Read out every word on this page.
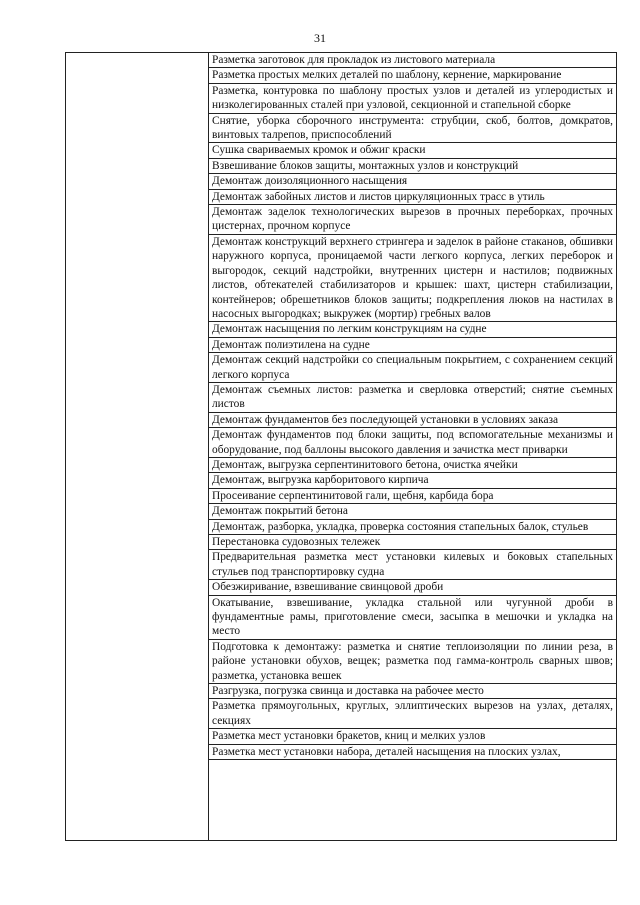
31
Разметка заготовок для прокладок из листового материала
Разметка простых мелких деталей по шаблону, кернение, маркирование
Разметка, контуровка по шаблону простых узлов и деталей из углеродистых и низколегированных сталей при узловой, секционной и стапельной сборке
Снятие, уборка сборочного инструмента: струбции, скоб, болтов, домкратов, винтовых талрепов, приспособлений
Сушка свариваемых кромок и обжиг краски
Взвешивание блоков защиты, монтажных узлов и конструкций
Демонтаж доизоляционного насыщения
Демонтаж забойных листов и листов циркуляционных трасс в утиль
Демонтаж заделок технологических вырезов в прочных переборках, прочных цистернах, прочном корпусе
Демонтаж конструкций верхнего стрингера и заделок в районе стаканов, обшивки наружного корпуса, проницаемой части легкого корпуса, легких переборок и выгородок, секций надстройки, внутренних цистерн и настилов; подвижных листов, обтекателей стабилизаторов и крышек: шахт, цистерн стабилизации, контейнеров; обрешетников блоков защиты; подкрепления люков на настилах в насосных выгородках; выкружек (мортир) гребных валов
Демонтаж насыщения по легким конструкциям на судне
Демонтаж полиэтилена на судне
Демонтаж секций надстройки со специальным покрытием, с сохранением секций легкого корпуса
Демонтаж съемных листов: разметка и сверловка отверстий; снятие съемных листов
Демонтаж фундаментов без последующей установки в условиях заказа
Демонтаж фундаментов под блоки защиты, под вспомогательные механизмы и оборудование, под баллоны высокого давления и зачистка мест приварки
Демонтаж, выгрузка серпентинитового бетона, очистка ячейки
Демонтаж, выгрузка карборитового кирпича
Просеивание серпентинитовой гали, щебня, карбида бора
Демонтаж покрытий бетона
Демонтаж, разборка, укладка, проверка состояния стапельных балок, стульев
Перестановка судовозных тележек
Предварительная разметка мест установки килевых и боковых стапельных стульев под транспортировку судна
Обезжиривание, взвешивание свинцовой дроби
Окатывание, взвешивание, укладка стальной или чугунной дроби в фундаментные рамы, приготовление смеси, засыпка в мешочки и укладка на место
Подготовка к демонтажу: разметка и снятие теплоизоляции по линии реза, в районе установки обухов, вещек; разметка под гамма-контроль сварных швов; разметка, установка вешек
Разгрузка, погрузка свинца и доставка на рабочее место
Разметка прямоугольных, круглых, эллиптических вырезов на узлах, деталях, секциях
Разметка мест установки бракетов, книц и мелких узлов
Разметка мест установки набора, деталей насыщения на плоских узлах,
